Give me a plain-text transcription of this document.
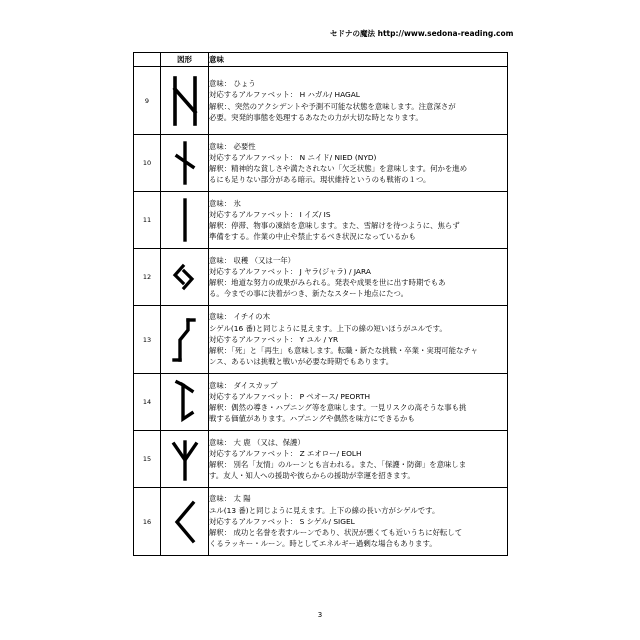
セドナの魔法 http://www.sedona-reading.com
	図形	意味
9		意味： ひょう
対応するアルファベット： H ハガル/ HAGAL
解釈：、突然のアクシデントや予測不可能な状態を意味します。注意深さが
必要。突発的事態を処理するあなたの力が大切な時となります。

10		意味： 必要性
対応するアルファベット： N ニイド/ NIED (NYD)
解釈：精神的な貧しさや満たされない「欠乏状態」を意味します。何かを進め
るにも足りない部分がある暗示。現状維持というのも戦術の１つ。

11		意味： 氷
対応するアルファベット： I イズ/ IS
解釈：停滞、物事の凍結を意味します。また、雪解けを待つように、焦らず
準備をする。作業の中止や禁止するべき状況になっているかも

12		意味： 収穫 （又は一年）
対応するアルファベット： J ヤラ(ジャラ) / JARA
解釈：地道な努力の成果がみられる。発表や成果を世に出す時期でもあ
る。今までの事に決着がつき、新たなスタート地点にたつ。

13		意味： イチイの木
シゲル(16 番)と同じように見えます。上下の線の短いほうがユルです。
対応するアルファベット： Y ユル / YR
解釈：「死」と「再生」も意味します。転職・新たな挑戦・卒業・実現可能なチャ
ンス、あるいは挑戦と戦いが必要な時期でもあります。

14		意味： ダイスカップ
対応するアルファベット： P ペオース/ PEORTH
解釈：偶然の導き・ハプニング等を意味します。一見リスクの高そうな事も挑
戦する価値があります。ハプニングや偶然を味方にできるかも

15		意味： 大 鹿 （又は、保護）
対応するアルファベット： Z エオロー/ EOLH
解釈： 別名「友情」のルーンとも言われる。また、「保護・防御」を意味しま
す。友人・知人への援助や彼らからの援助が幸運を招きます。

16		意味： 太 陽
ユル(13 番)と同じように見えます。上下の線の長い方がシゲルです。
対応するアルファベット： S シゲル/ SIGEL
解釈： 成功と名誉を表すルーンであり、状況が悪くても近いうちに好転して
くるラッキー・ルーン。時としてエネルギー過剰な場合もあります。
3
